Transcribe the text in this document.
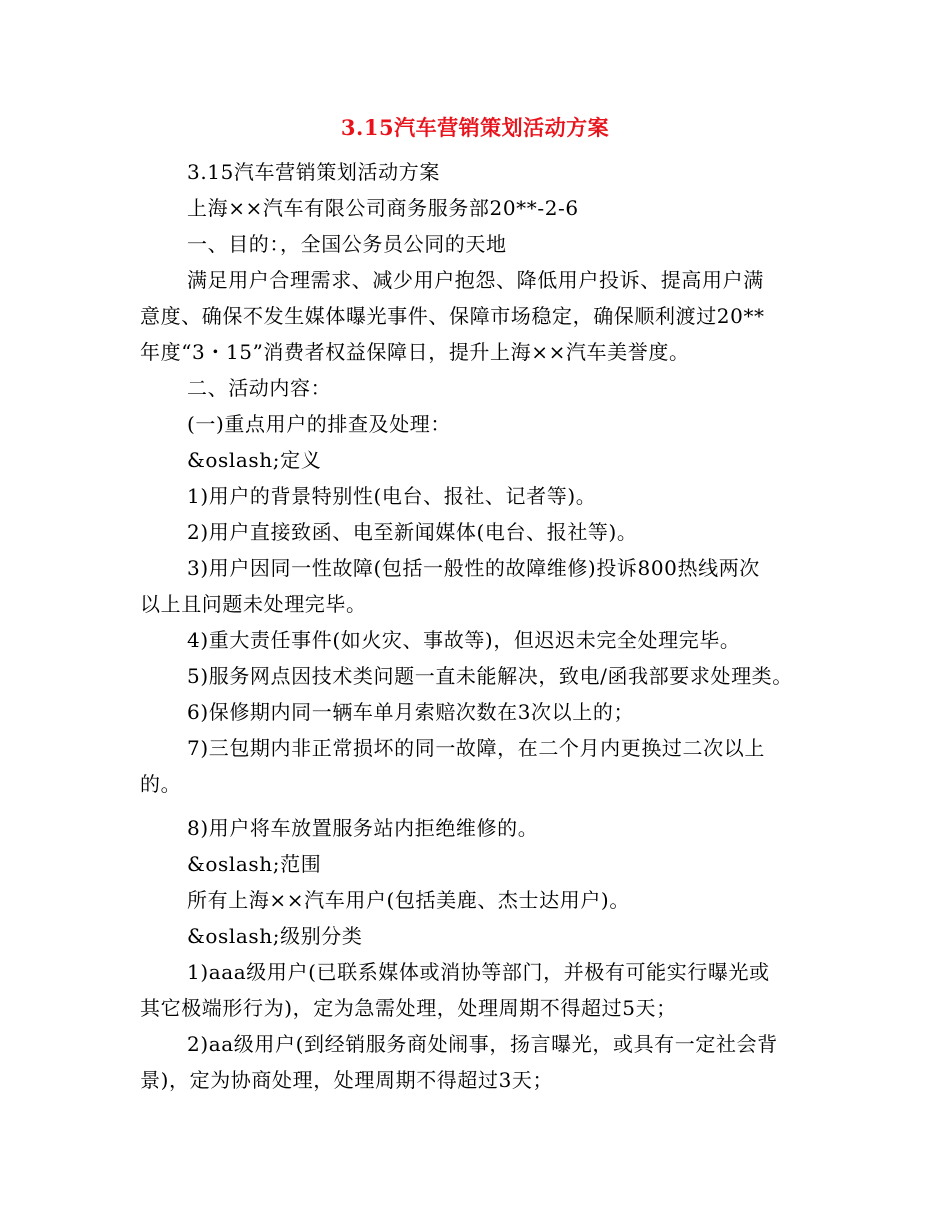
3.15汽车营销策划活动方案
3.15汽车营销策划活动方案
上海××汽车有限公司商务服务部20**-2-6
一、目的：，全国公务员公同的天地
满足用户合理需求、减少用户抱怨、降低用户投诉、提高用户满
意度、确保不发生媒体曝光事件、保障市场稳定，确保顺利渡过20**
年度“3・15”消费者权益保障日，提升上海××汽车美誉度。
二、活动内容：
(一)重点用户的排查及处理：
&oslash;定义
1)用户的背景特别性(电台、报社、记者等)。
2)用户直接致函、电至新闻媒体(电台、报社等)。
3)用户因同一性故障(包括一般性的故障维修)投诉800热线两次
以上且问题未处理完毕。
4)重大责任事件(如火灾、事故等)，但迟迟未完全处理完毕。
5)服务网点因技术类问题一直未能解决，致电/函我部要求处理类。
6)保修期内同一辆车单月索赔次数在3次以上的；
7)三包期内非正常损坏的同一故障，在二个月内更换过二次以上
的。
8)用户将车放置服务站内拒绝维修的。
&oslash;范围
所有上海××汽车用户(包括美鹿、杰士达用户)。
&oslash;级别分类
1)aaa级用户(已联系媒体或消协等部门，并极有可能实行曝光或
其它极端形行为)，定为急需处理，处理周期不得超过5天；
2)aa级用户(到经销服务商处闹事，扬言曝光，或具有一定社会背
景)，定为协商处理，处理周期不得超过3天；
